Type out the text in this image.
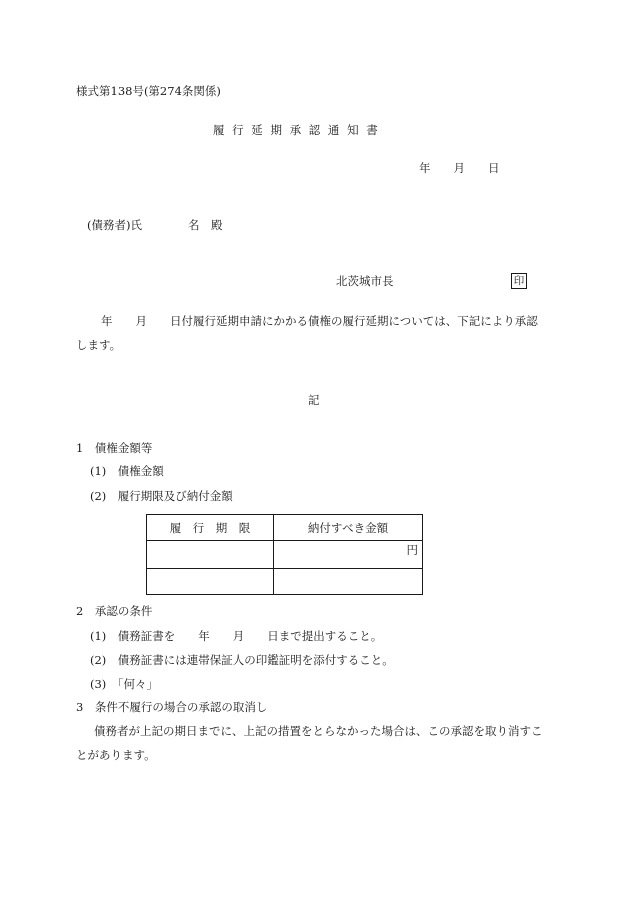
様式第138号(第274条関係)
履 行 延 期 承 認 通 知 書
年　　月　　日
(債務者)氏　　　　名　殿
北茨城市長	印
年　　月　　日付履行延期申請にかかる債権の履行延期については、下記により承認
します。
記
1　債権金額等
(1)　債権金額
(2)　履行期限及び納付金額
履　行　期　限	納付すべき金額
	円

2　承認の条件
(1)　債務証書を　　年　　月　　日まで提出すること。
(2)　債務証書には連帯保証人の印鑑証明を添付すること。
(3)　「何々」
3　条件不履行の場合の承認の取消し
債務者が上記の期日までに、上記の措置をとらなかった場合は、この承認を取り消すこ
とがあります。
